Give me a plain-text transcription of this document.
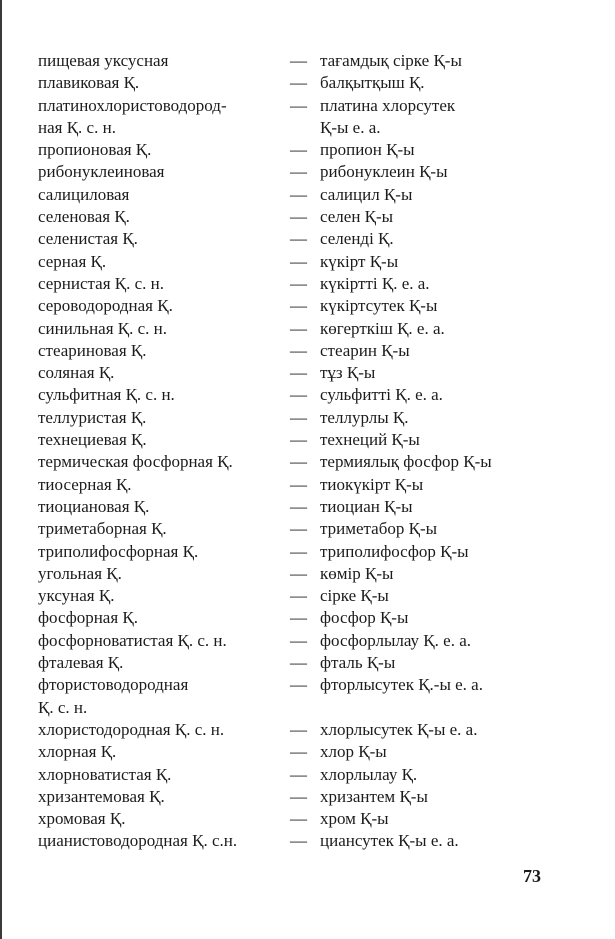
пищевая уксусная	— тағамдық сірке Қ-ы
плавиковая Қ.	— балқытқыш Қ.
платинохлористоводород-
ная Қ. с. н.
— платина хлорсутек
Қ-ы е. а.
пропионовая Қ.	— пропион Қ-ы
рибонуклеиновая	— рибонуклеин Қ-ы
салициловая	— салицил Қ-ы
селеновая Қ.	— селен Қ-ы
селенистая Қ.	— селенді Қ.
серная Қ.	— күкірт Қ-ы
сернистая Қ. с. н.	— күкіртті Қ. е. а.
сероводородная Қ.	— күкіртсутек Қ-ы
синильная Қ. с. н.	— көгерткіш Қ. е. а.
стеариновая Қ.	— стеарин Қ-ы
соляная Қ.	— тұз Қ-ы
сульфитная Қ. с. н.	— сульфитті Қ. е. а.
теллуристая Қ.	— теллурлы Қ.
технециевая Қ.	— технеций Қ-ы
термическая фосфорная Қ.	— термиялық фосфор Қ-ы
тиосерная Қ.	— тиокүкірт Қ-ы
тиоциановая Қ.	— тиоциан Қ-ы
триметаборная Қ.	— триметабор Қ-ы
триполифосфорная Қ.	— триполифосфор Қ-ы
угольная Қ.	— көмір Қ-ы
уксуная Қ.	— сірке Қ-ы
фосфорная Қ.	— фосфор Қ-ы
фосфорноватистая Қ. с. н.	— фосфорлылау Қ. е. а.
фталевая Қ.	— фталь Қ-ы
фтористоводородная
Қ. с. н.
— фторлысутек Қ.-ы е. а.
хлористодородная Қ. с. н.	— хлорлысутек Қ-ы е. а.
хлорная Қ.	— хлор Қ-ы
хлорноватистая Қ.	— хлорлылау Қ.
хризантемовая Қ.	— хризантем Қ-ы
хромовая Қ.	— хром Қ-ы
цианистоводородная Қ. с.н.	— циансутек Қ-ы е. а.
73
